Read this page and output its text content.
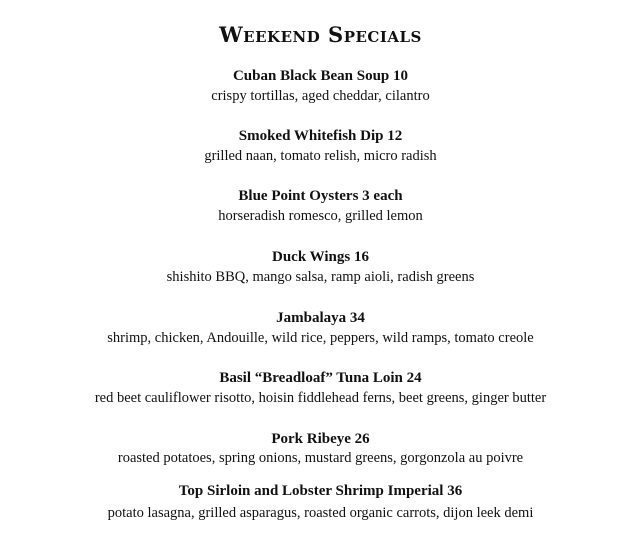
Weekend Specials
Cuban Black Bean Soup 10
crispy tortillas, aged cheddar, cilantro
Smoked Whitefish Dip 12
grilled naan, tomato relish, micro radish
Blue Point Oysters 3 each
horseradish romesco, grilled lemon
Duck Wings 16
shishito BBQ, mango salsa, ramp aioli, radish greens
Jambalaya 34
shrimp, chicken, Andouille, wild rice, peppers, wild ramps, tomato creole
Basil “Breadloaf” Tuna Loin 24
red beet cauliflower risotto, hoisin fiddlehead ferns, beet greens, ginger butter
Pork Ribeye 26
roasted potatoes, spring onions, mustard greens, gorgonzola au poivre
Top Sirloin and Lobster Shrimp Imperial 36
potato lasagna, grilled asparagus, roasted organic carrots, dijon leek demi
